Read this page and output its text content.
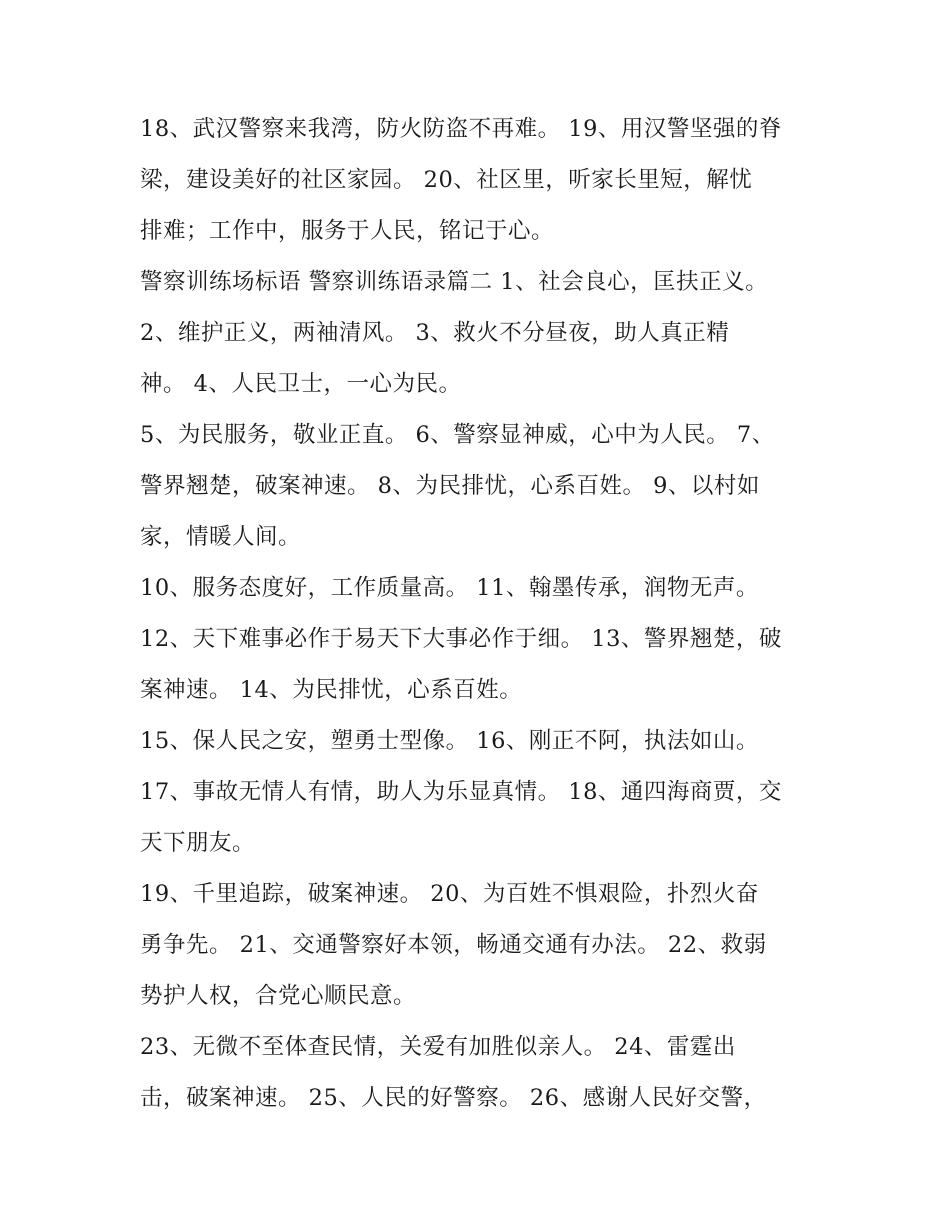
18、武汉警察来我湾，防火防盗不再难。 19、用汉警坚强的脊
梁，建设美好的社区家园。 20、社区里，听家长里短，解忧
排难；工作中，服务于人民，铭记于心。
警察训练场标语 警察训练语录篇二 1、社会良心，匡扶正义。
2、维护正义，两袖清风。 3、救火不分昼夜，助人真正精
神。 4、人民卫士，一心为民。
5、为民服务，敬业正直。 6、警察显神威，心中为人民。 7、
警界翘楚，破案神速。 8、为民排忧，心系百姓。 9、以村如
家，情暖人间。
10、服务态度好，工作质量高。 11、翰墨传承，润物无声。
12、天下难事必作于易天下大事必作于细。 13、警界翘楚，破
案神速。 14、为民排忧，心系百姓。
15、保人民之安，塑勇士型像。 16、刚正不阿，执法如山。
17、事故无情人有情，助人为乐显真情。 18、通四海商贾，交
天下朋友。
19、千里追踪，破案神速。 20、为百姓不惧艰险，扑烈火奋
勇争先。 21、交通警察好本领，畅通交通有办法。 22、救弱
势护人权，合党心顺民意。
23、无微不至体查民情，关爱有加胜似亲人。 24、雷霆出
击，破案神速。 25、人民的好警察。 26、感谢人民好交警，
